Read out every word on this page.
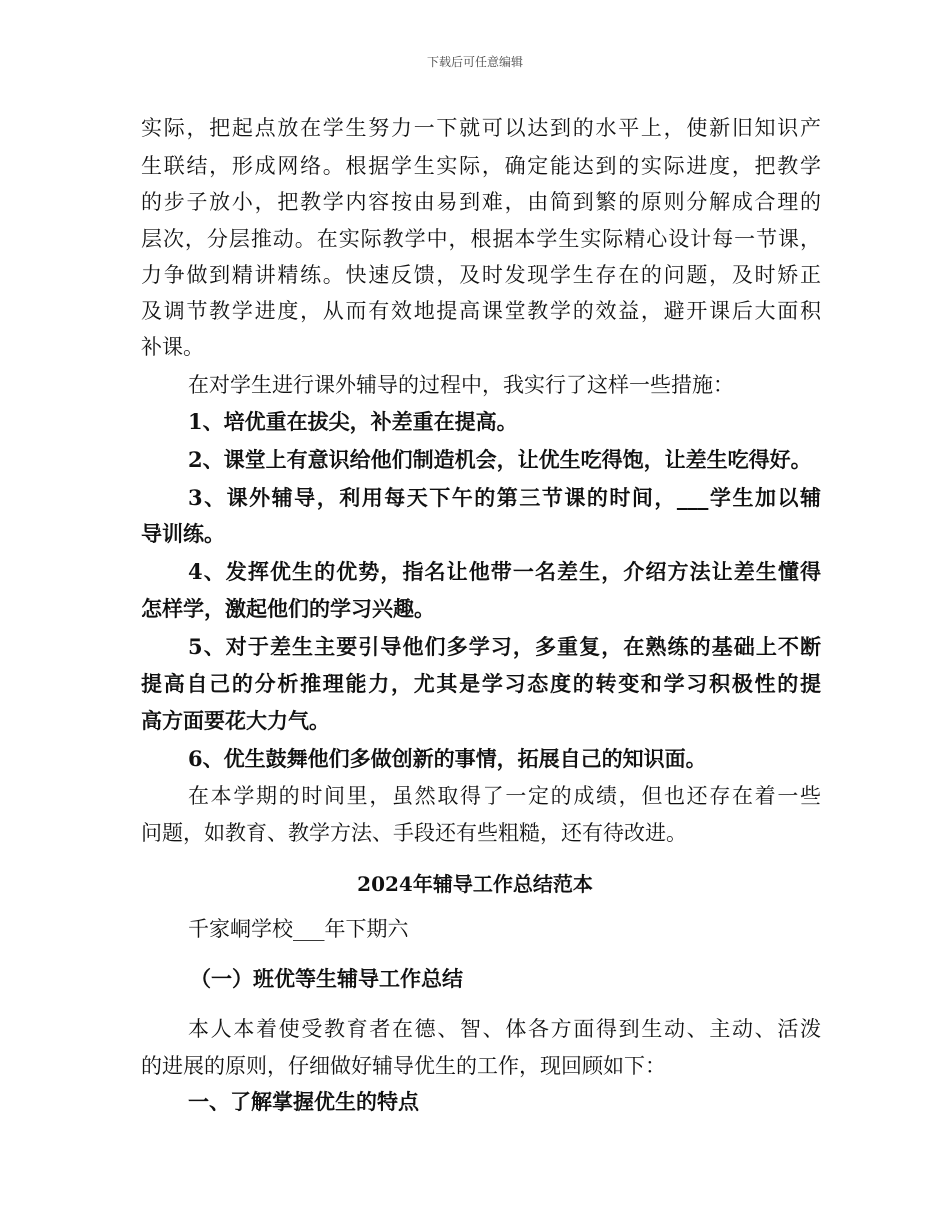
下载后可任意编辑
实际，把起点放在学生努力一下就可以达到的水平上，使新旧知识产
生联结，形成网络。根据学生实际，确定能达到的实际进度，把教学
的步子放小，把教学内容按由易到难，由简到繁的原则分解成合理的
层次，分层推动。在实际教学中，根据本学生实际精心设计每一节课，
力争做到精讲精练。快速反馈，及时发现学生存在的问题，及时矫正
及调节教学进度，从而有效地提高课堂教学的效益，避开课后大面积
补课。
在对学生进行课外辅导的过程中，我实行了这样一些措施：
1、培优重在拔尖，补差重在提高。
2、课堂上有意识给他们制造机会，让优生吃得饱，让差生吃得好。
3、课外辅导，利用每天下午的第三节课的时间，___学生加以辅
导训练。
4、发挥优生的优势，指名让他带一名差生，介绍方法让差生懂得
怎样学，激起他们的学习兴趣。
5、对于差生主要引导他们多学习，多重复，在熟练的基础上不断
提高自己的分析推理能力，尤其是学习态度的转变和学习积极性的提
高方面要花大力气。
6、优生鼓舞他们多做创新的事情，拓展自己的知识面。
在本学期的时间里，虽然取得了一定的成绩，但也还存在着一些
问题，如教育、教学方法、手段还有些粗糙，还有待改进。
2024年辅导工作总结范本
千家峒学校___年下期六
（一）班优等生辅导工作总结
本人本着使受教育者在德、智、体各方面得到生动、主动、活泼
的进展的原则，仔细做好辅导优生的工作，现回顾如下：
一、了解掌握优生的特点
